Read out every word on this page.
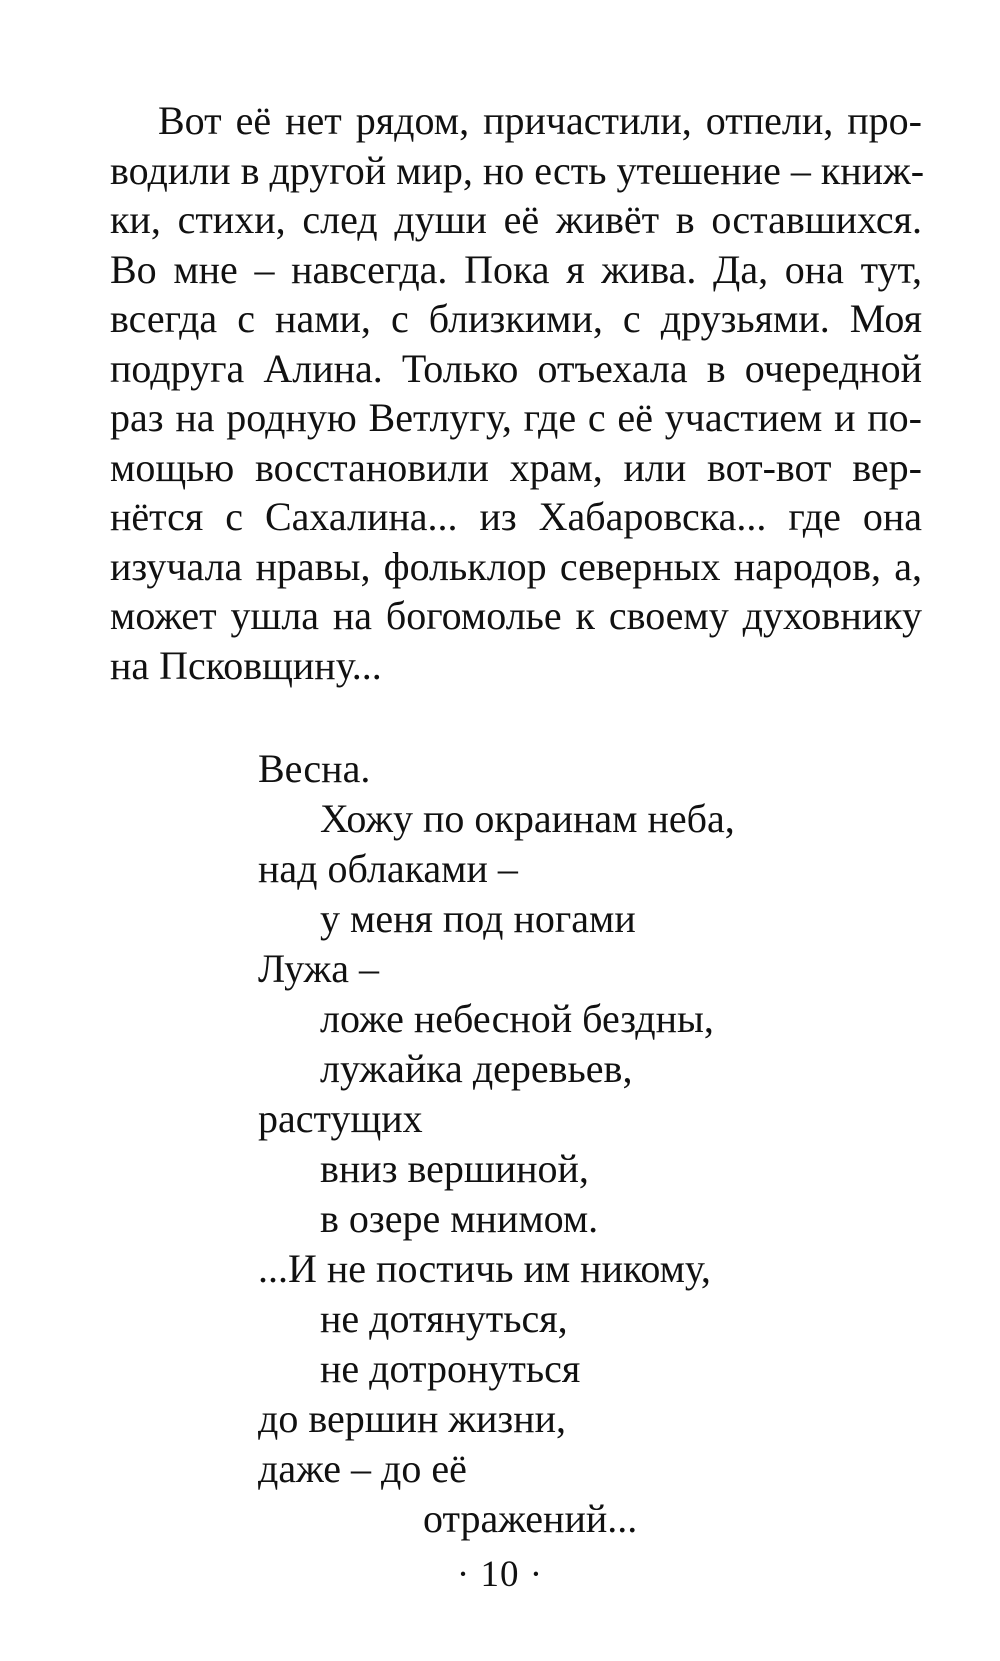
Вот её нет рядом, причастили, отпели, про-
водили в другой мир, но есть утешение – книж-
ки, стихи, след души её живёт в оставшихся.
Во мне – навсегда. Пока я жива. Да, она тут,
всегда с нами, с близкими, с друзьями. Моя
подруга Алина. Только отъехала в очередной
раз на родную Ветлугу, где с её участием и по-
мощью восстановили храм, или вот-вот вер-
нётся с Сахалина... из Хабаровска... где она
изучала нравы, фольклор северных народов, а,
может ушла на богомолье к своему духовнику
на Псковщину...
Весна.
Хожу по окраинам неба,
над облаками –
у меня под ногами
Лужа –
ложе небесной бездны,
лужайка деревьев,
растущих
вниз вершиной,
в озере мнимом.
...И не постичь им никому,
не дотянуться,
не дотронуться
до вершин жизни,
даже – до её
отражений...
· 10 ·
